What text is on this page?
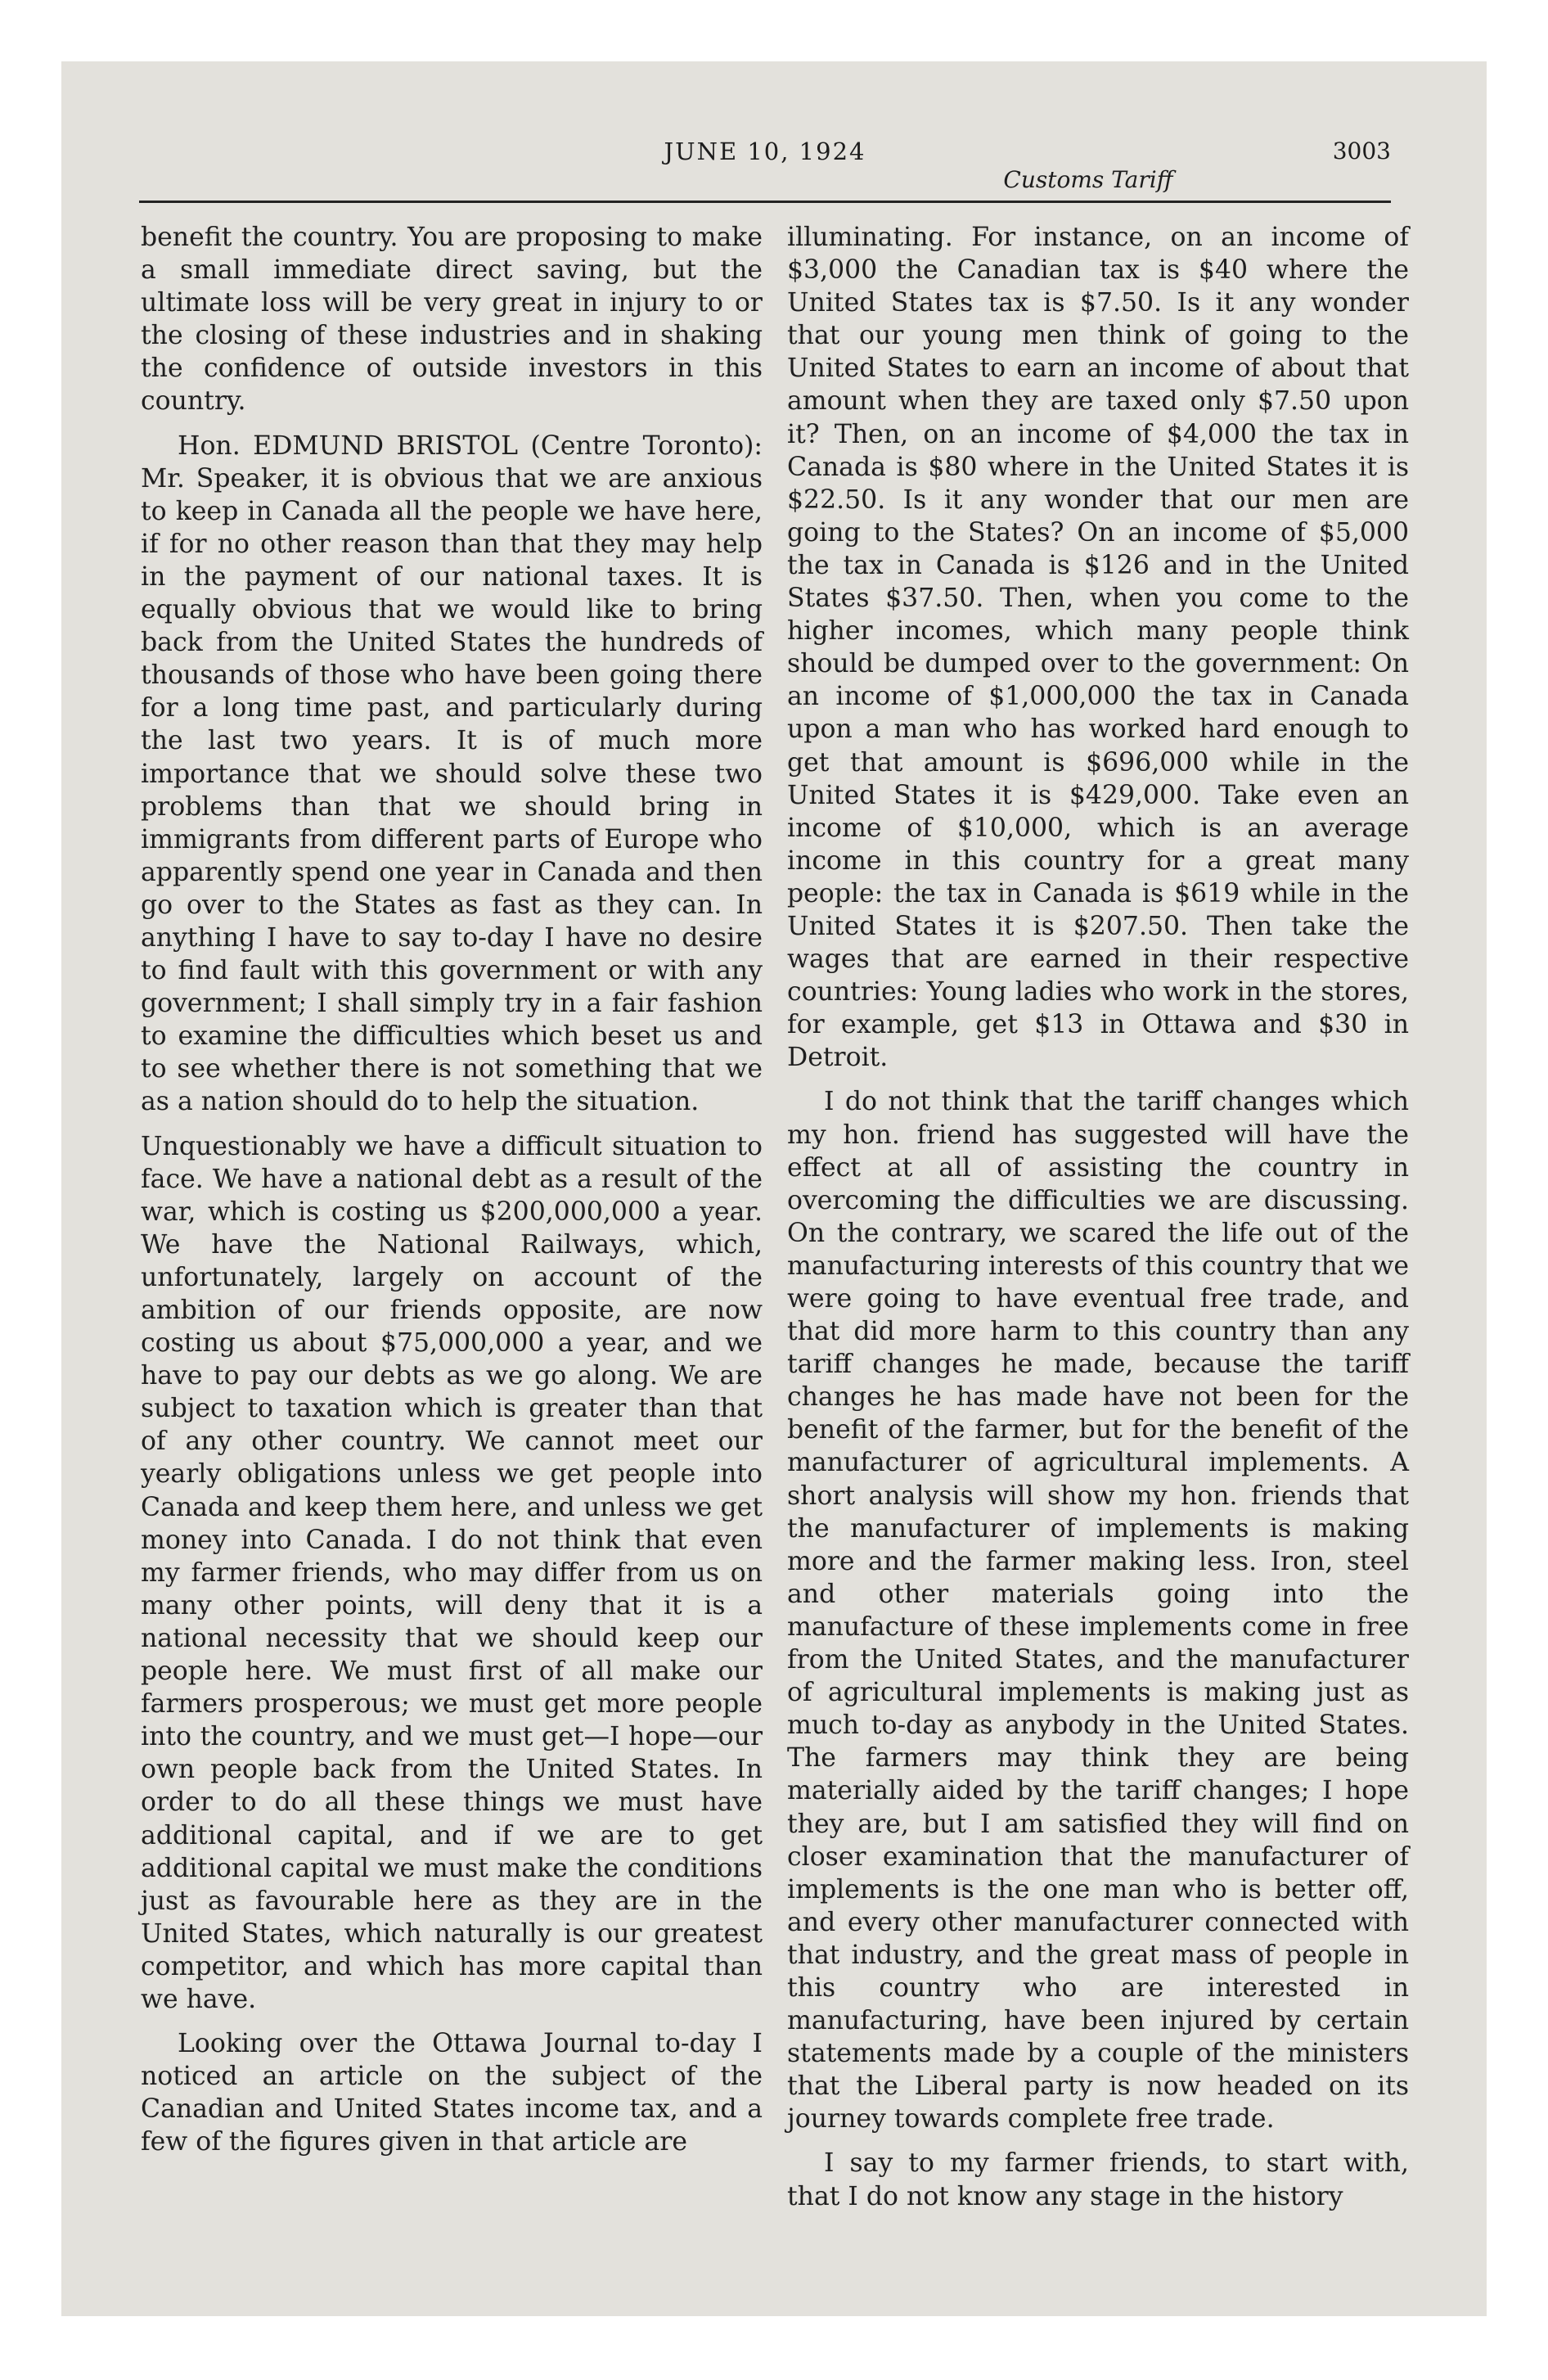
JUNE 10, 1924
Customs Tariff
3003

benefit the country. You are proposing to make a small immediate direct saving, but the ultimate loss will be very great in injury to or the closing of these industries and in shaking the confidence of outside investors in this country.

Hon. EDMUND BRISTOL (Centre Toronto): Mr. Speaker, it is obvious that we are anxious to keep in Canada all the people we have here, if for no other reason than that they may help in the payment of our national taxes. It is equally obvious that we would like to bring back from the United States the hundreds of thousands of those who have been going there for a long time past, and particularly during the last two years. It is of much more importance that we should solve these two problems than that we should bring in immigrants from different parts of Europe who apparently spend one year in Canada and then go over to the States as fast as they can. In anything I have to say to-day I have no desire to find fault with this government or with any government; I shall simply try in a fair fashion to examine the difficulties which beset us and to see whether there is not something that we as a nation should do to help the situation.

Unquestionably we have a difficult situation to face. We have a national debt as a result of the war, which is costing us $200,000,000 a year. We have the National Railways, which, unfortunately, largely on account of the ambition of our friends opposite, are now costing us about $75,000,000 a year, and we have to pay our debts as we go along. We are subject to taxation which is greater than that of any other country. We cannot meet our yearly obligations unless we get people into Canada and keep them here, and unless we get money into Canada. I do not think that even my farmer friends, who may differ from us on many other points, will deny that it is a national necessity that we should keep our people here. We must first of all make our farmers prosperous; we must get more people into the country, and we must get—I hope—our own people back from the United States. In order to do all these things we must have additional capital, and if we are to get additional capital we must make the conditions just as favourable here as they are in the United States, which naturally is our greatest competitor, and which has more capital than we have.

Looking over the Ottawa Journal to-day I noticed an article on the subject of the Canadian and United States income tax, and a few of the figures given in that article are

illuminating. For instance, on an income of $3,000 the Canadian tax is $40 where the United States tax is $7.50. Is it any wonder that our young men think of going to the United States to earn an income of about that amount when they are taxed only $7.50 upon it? Then, on an income of $4,000 the tax in Canada is $80 where in the United States it is $22.50. Is it any wonder that our men are going to the States? On an income of $5,000 the tax in Canada is $126 and in the United States $37.50. Then, when you come to the higher incomes, which many people think should be dumped over to the government: On an income of $1,000,000 the tax in Canada upon a man who has worked hard enough to get that amount is $696,000 while in the United States it is $429,000. Take even an income of $10,000, which is an average income in this country for a great many people: the tax in Canada is $619 while in the United States it is $207.50. Then take the wages that are earned in their respective countries: Young ladies who work in the stores, for example, get $13 in Ottawa and $30 in Detroit.

I do not think that the tariff changes which my hon. friend has suggested will have the effect at all of assisting the country in overcoming the difficulties we are discussing. On the contrary, we scared the life out of the manufacturing interests of this country that we were going to have eventual free trade, and that did more harm to this country than any tariff changes he made, because the tariff changes he has made have not been for the benefit of the farmer, but for the benefit of the manufacturer of agricultural implements. A short analysis will show my hon. friends that the manufacturer of implements is making more and the farmer making less. Iron, steel and other materials going into the manufacture of these implements come in free from the United States, and the manufacturer of agricultural implements is making just as much to-day as anybody in the United States. The farmers may think they are being materially aided by the tariff changes; I hope they are, but I am satisfied they will find on closer examination that the manufacturer of implements is the one man who is better off, and every other manufacturer connected with that industry, and the great mass of people in this country who are interested in manufacturing, have been injured by certain statements made by a couple of the ministers that the Liberal party is now headed on its journey towards complete free trade.

I say to my farmer friends, to start with, that I do not know any stage in the history
